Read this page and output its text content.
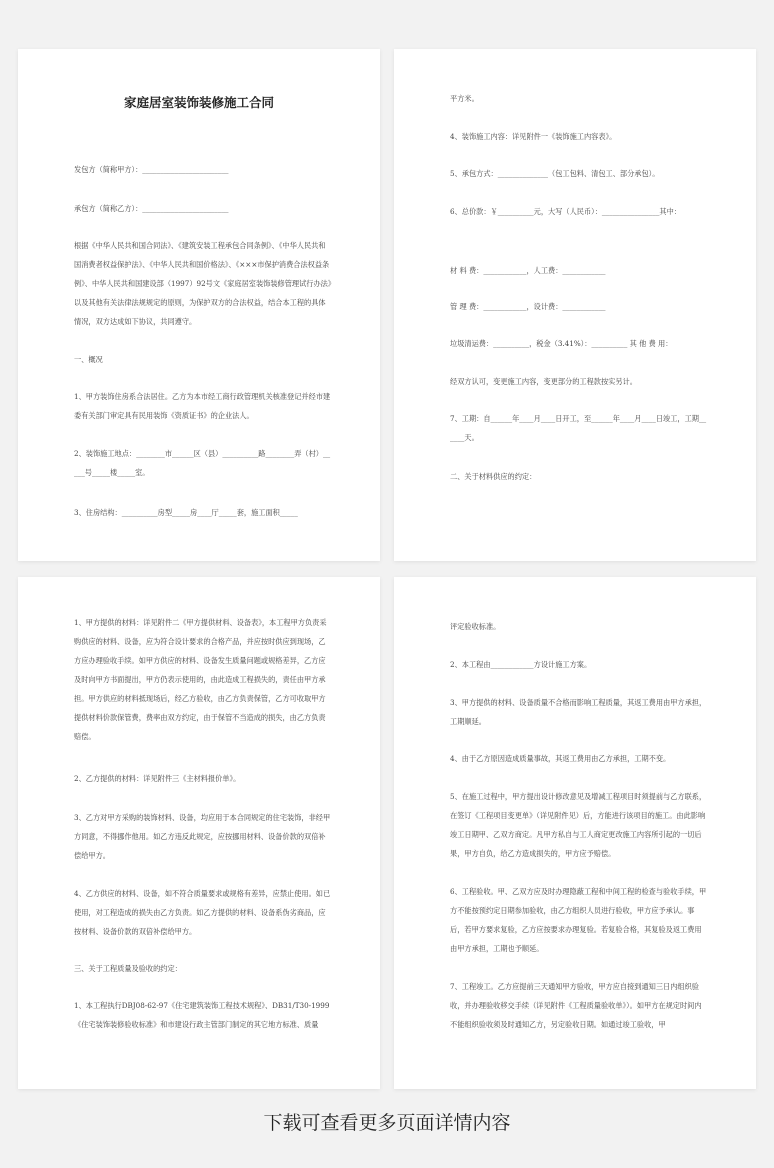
家庭居室装饰装修施工合同

发包方（简称甲方）：________________________

承包方（简称乙方）：________________________

根据《中华人民共和国合同法》、《建筑安装工程承包合同条例》、《中华人民共和国消费者权益保护法》、《中华人民共和国价格法》、《×××市保护消费合法权益条例》、中华人民共和国建设部（1997）92号文《家庭居室装饰装修管理试行办法》以及其他有关法律法规规定的原则，为保护双方的合法权益，结合本工程的具体情况，双方达成如下协议，共同遵守。

一、概况

1、甲方装饰住房系合法居住。乙方为本市经工商行政管理机关核准登记并经市建委有关部门审定具有民用装饰《资质证书》的企业法人。

2、装饰施工地点：________市______区（县）__________路________弄（村）_____号_____楼_____室。

3、住房结构：__________房型_____房____厅_____套，施工面积_____

平方米。

4、装饰施工内容：详见附件一《装饰施工内容表》。

5、承包方式：______________（包工包料、清包工、部分承包）。

6、总价款：￥__________元，大写（人民币）：________________其中：

材 料 费：____________，人工费：____________

管 理 费：____________，设计费：____________

垃圾清运费：__________，税金（3.41%）：__________ 其 他 费 用：

经双方认可，变更施工内容，变更部分的工程款按实另计。

7、工期：自______年____月____日开工，至______年____月____日竣工，工期______天。

二、关于材料供应的约定：

1、甲方提供的材料：详见附件二《甲方提供材料、设备表》，本工程甲方负责采购供应的材料、设备，应为符合设计要求的合格产品，并应按时供应到现场，乙方应办理验收手续。如甲方供应的材料、设备发生质量问题或规格差异，乙方应及时向甲方书面提出，甲方仍表示使用的，由此造成工程损失的，责任由甲方承担。甲方供应的材料抵现场后，经乙方验收，由乙方负责保管，乙方可收取甲方提供材料价款保管费，费率由双方约定，由于保管不当造成的损失，由乙方负责赔偿。

2、乙方提供的材料：详见附件三《主材料报价单》。

3、乙方对甲方采购的装饰材料、设备，均应用于本合同规定的住宅装饰，非经甲方同意，不得挪作他用。如乙方违反此规定，应按挪用材料、设备价款的双倍补偿给甲方。

4、乙方供应的材料、设备，如不符合质量要求或规格有差异，应禁止使用。如已使用，对工程造成的损失由乙方负责。如乙方提供的材料、设备系伪劣商品，应按材料、设备价款的双倍补偿给甲方。

三、关于工程质量及验收的约定：

1、本工程执行DBJ08-62-97《住宅建筑装饰工程技术规程》、DB31/T30-1999《住宅装饰装修验收标准》和市建设行政主管部门制定的其它地方标准、质量

评定验收标准。

2、本工程由____________方设计施工方案。

3、甲方提供的材料、设备质量不合格而影响工程质量，其返工费用由甲方承担，工期顺延。

4、由于乙方原因造成质量事故，其返工费用由乙方承担，工期不变。

5、在施工过程中，甲方提出设计修改意见及增减工程项目时须提前与乙方联系，在签订《工程项目变更单》（详见附件见）后，方能进行该项目的施工。由此影响竣工日期甲、乙双方商定。凡甲方私自与工人商定更改施工内容所引起的一切后果，甲方自负，给乙方造成损失的，甲方应予赔偿。

6、工程验收。甲、乙双方应及时办理隐蔽工程和中间工程的检查与验收手续，甲方不能按预约定日期参加验收，由乙方组织人员进行验收，甲方应予承认。事后，若甲方要求复验，乙方应按要求办理复验。若复验合格，其复验及返工费用由甲方承担，工期也予顺延。

7、工程竣工。乙方应提前三天通知甲方验收，甲方应自接到通知三日内组织验收，并办理验收移交手续（详见附件《工程质量验收单》）。如甲方在规定时间内不能组织验收须及时通知乙方，另定验收日期。如通过竣工验收，甲

下载可查看更多页面详情内容
